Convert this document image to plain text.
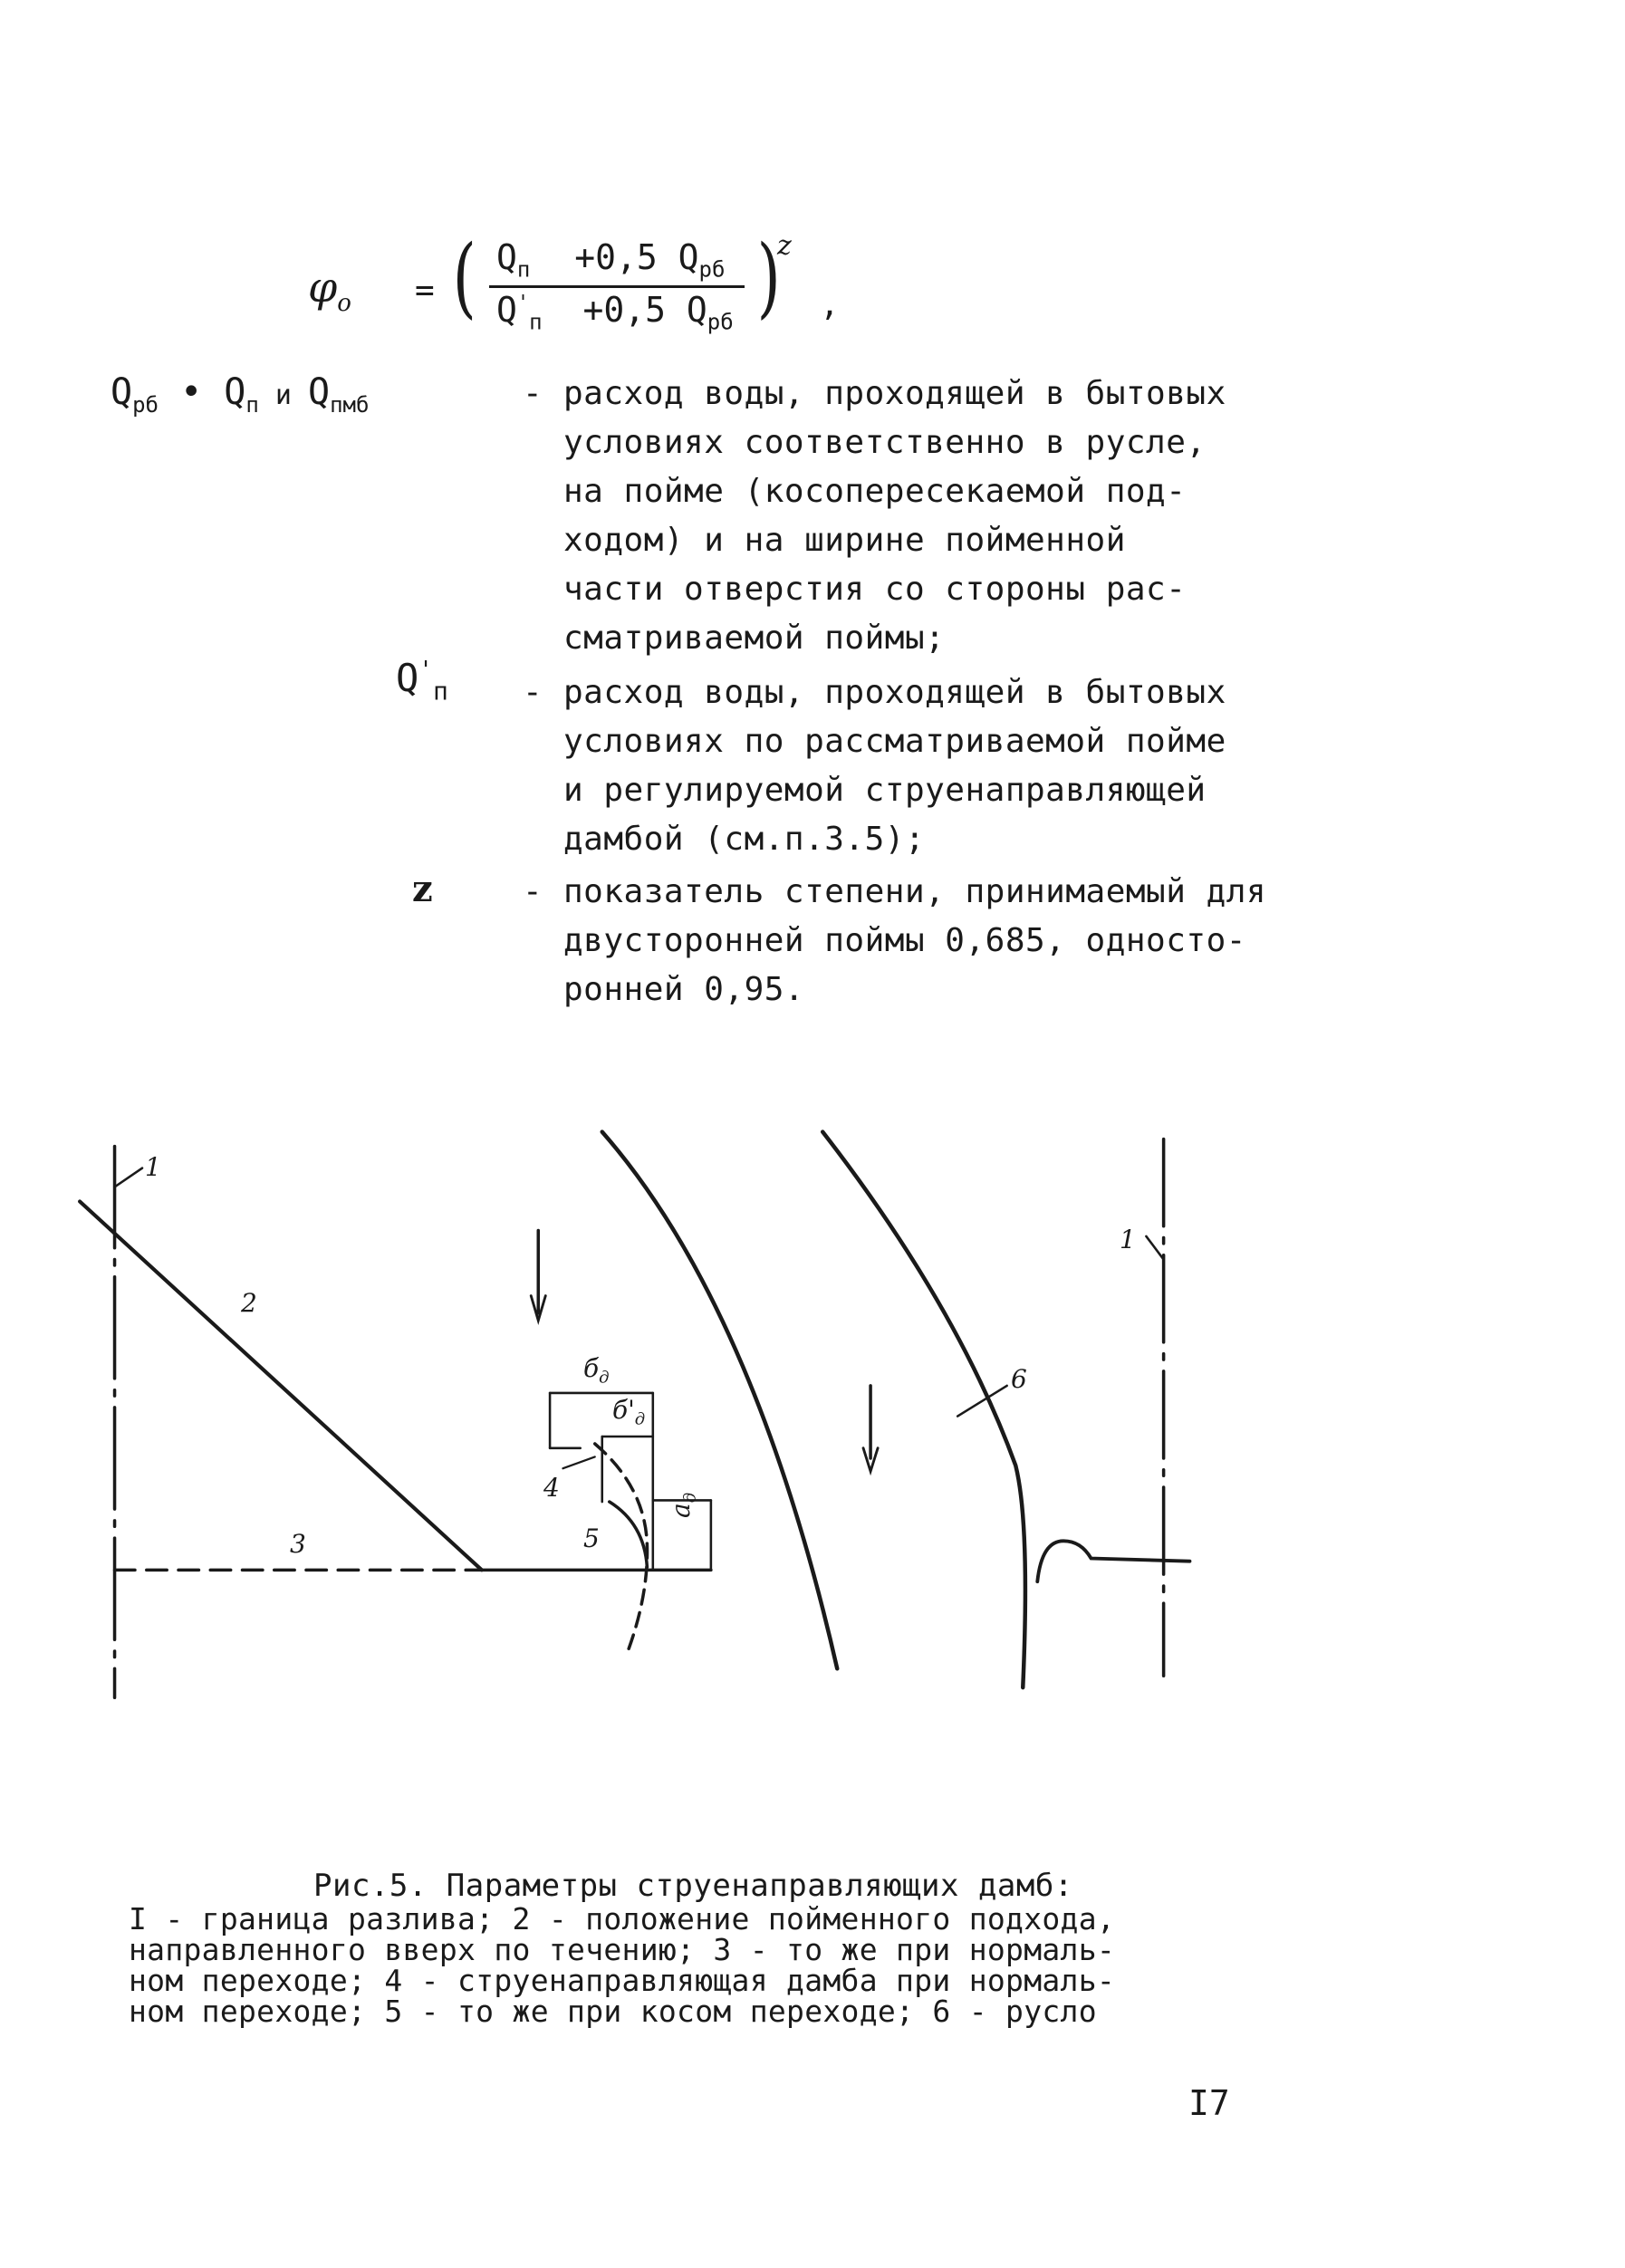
$\varphi_o$ = ( $Q_п +0,5$ $Q_{рб}$
$Q'_п +0,5$ $Q_{рб}$ )
z
,
$Q_{рб}$ • $Q_п$ и $Q_{пмб}$	- расход воды, проходящей в бытовых
условиях соответственно в русле,
на пойме (косопересекаемой под-
ходом) и на ширине пойменной
части отверстия со стороны рас-
сматриваемой поймы;
$Q'_п$ - расход воды, проходящей в бытовых
условиях по рассматриваемой пойме
и регулируемой струенаправляющей
дамбой (см.п.3.5);
z	- показатель степени, принимаемый для
двусторонней поймы 0,685, односто-
ронней 0,95.
1
1
2
3
4
5
6
$б_д$
$б'_д$
$а_д$
Рис.5. Параметры струенаправляющих дамб:
I - граница разлива; 2 - положение пойменного подхода,
направленного вверх по течению; 3 - то же при нормаль-
ном переходе; 4 - струенаправляющая дамба при нормаль-
ном переходе; 5 - то же при косом переходе; 6 - русло
I7
